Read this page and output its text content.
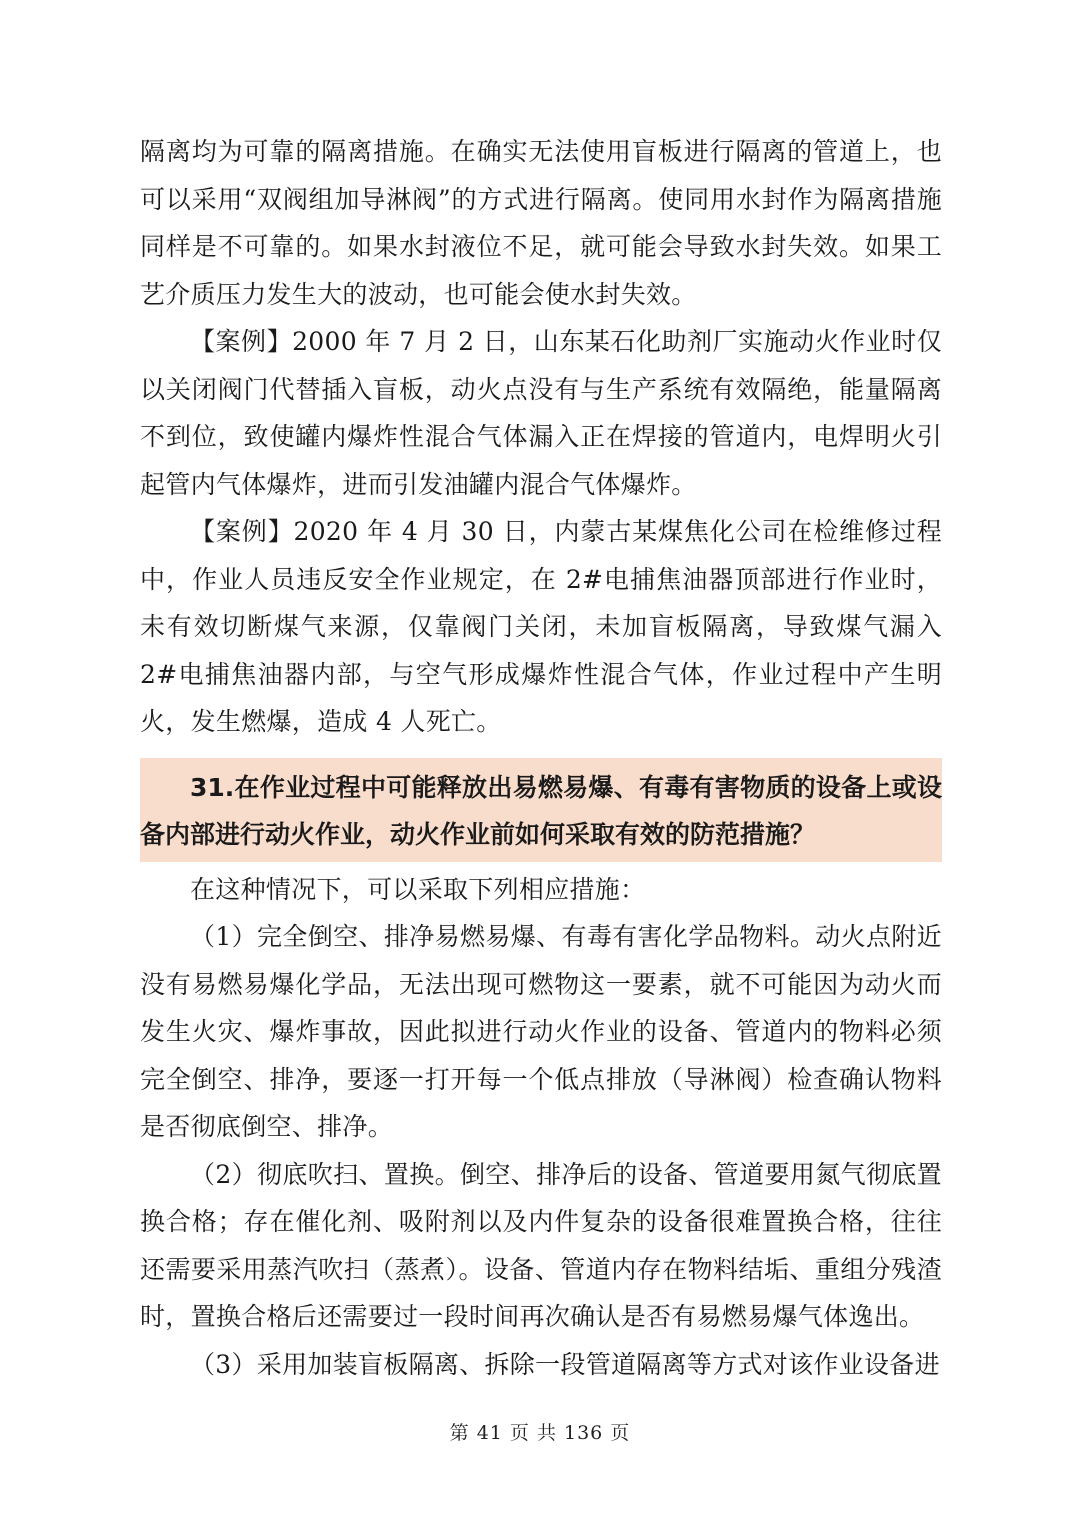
隔离均为可靠的隔离措施。在确实无法使用盲板进行隔离的管道上，也可以采用“双阀组加导淋阀”的方式进行隔离。使同用水封作为隔离措施同样是不可靠的。如果水封液位不足，就可能会导致水封失效。如果工艺介质压力发生大的波动，也可能会使水封失效。

【案例】2000 年 7 月 2 日，山东某石化助剂厂实施动火作业时仅以关闭阀门代替插入盲板，动火点没有与生产系统有效隔绝，能量隔离不到位，致使罐内爆炸性混合气体漏入正在焊接的管道内，电焊明火引起管内气体爆炸，进而引发油罐内混合气体爆炸。

【案例】2020 年 4 月 30 日，内蒙古某煤焦化公司在检维修过程中，作业人员违反安全作业规定，在 2#电捕焦油器顶部进行作业时，未有效切断煤气来源，仅靠阀门关闭，未加盲板隔离，导致煤气漏入 2#电捕焦油器内部，与空气形成爆炸性混合气体，作业过程中产生明火，发生燃爆，造成 4 人死亡。

31.在作业过程中可能释放出易燃易爆、有毒有害物质的设备上或设备内部进行动火作业，动火作业前如何采取有效的防范措施？

在这种情况下，可以采取下列相应措施：

（1）完全倒空、排净易燃易爆、有毒有害化学品物料。动火点附近没有易燃易爆化学品，无法出现可燃物这一要素，就不可能因为动火而发生火灾、爆炸事故，因此拟进行动火作业的设备、管道内的物料必须完全倒空、排净，要逐一打开每一个低点排放（导淋阀）检查确认物料是否彻底倒空、排净。

（2）彻底吹扫、置换。倒空、排净后的设备、管道要用氮气彻底置换合格；存在催化剂、吸附剂以及内件复杂的设备很难置换合格，往往还需要采用蒸汽吹扫（蒸煮）。设备、管道内存在物料结垢、重组分残渣时，置换合格后还需要过一段时间再次确认是否有易燃易爆气体逸出。

（3）采用加装盲板隔离、拆除一段管道隔离等方式对该作业设备进

第 41 页 共 136 页
